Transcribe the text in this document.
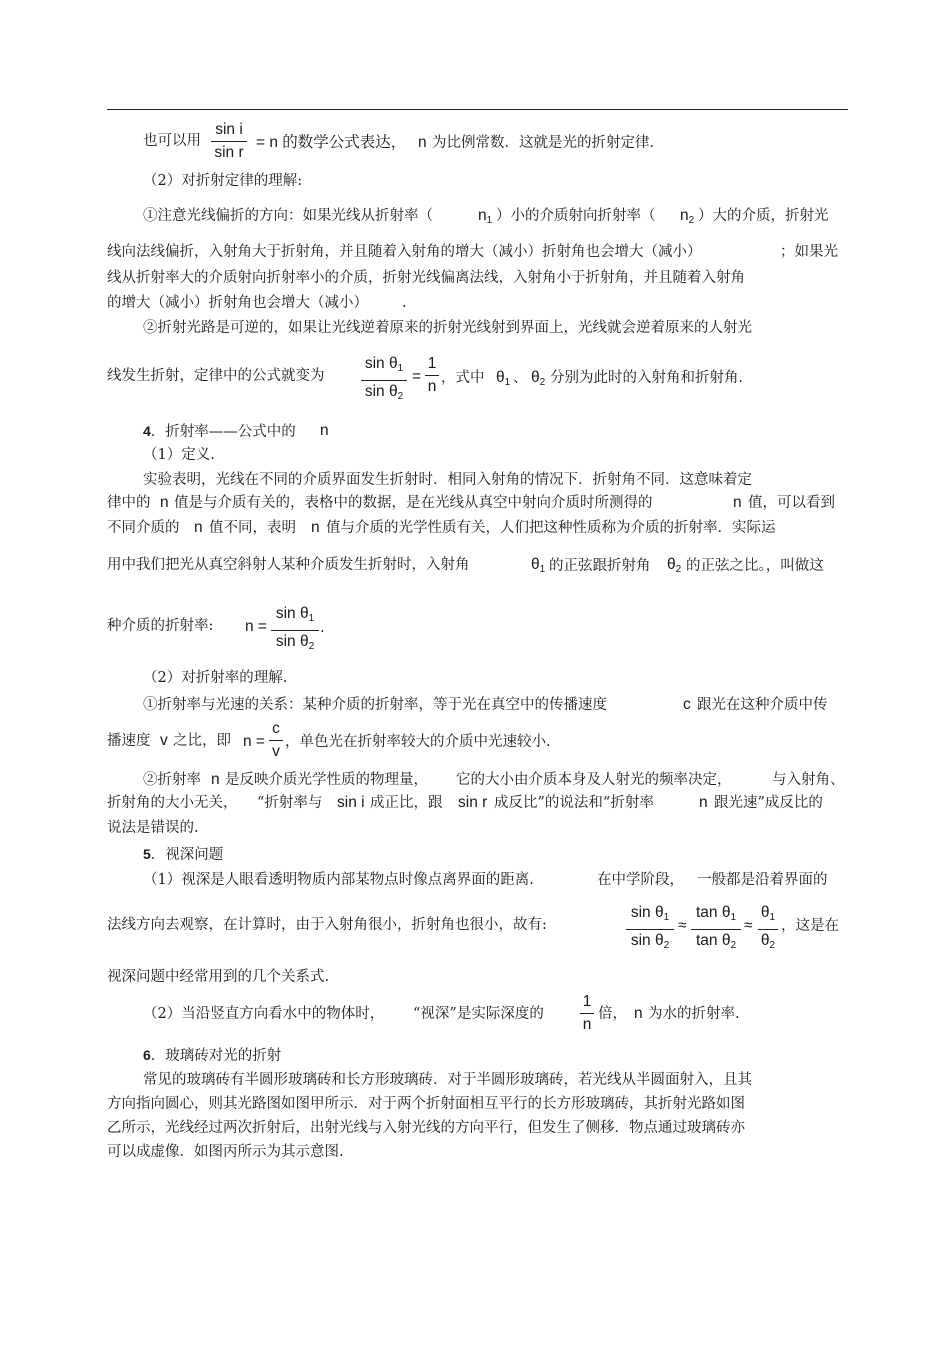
也可以用
sin i
sin r
= n 的数学公式表达， n 为比例常数．这就是光的折射定律．
（2）对折射定律的理解:
①注意光线偏折的方向：如果光线从折射率（	$n_1$ ）小的介质射向折射率（ $n_2$ ）大的介质，折射光
线向法线偏折，入射角大于折射角，并且随着入射角的增大（减小）折射角也会增大（减小）	；如果光
线从折射率大的介质射向折射率小的介质，折射光线偏离法线，入射角小于折射角，并且随着入射角
的增大（减小）折射角也会增大（减小） .
②折射光路是可逆的，如果让光线逆着原来的折射光线射到界面上，光线就会逆着原来的人射光
线发生折射，定律中的公式就变为
$\sin \theta_1$
$\sin \theta_2$
=
1
n ，式中 $\theta_1$ 、 $\theta_2$ 分别为此时的入射角和折射角．
4．折射率——公式中的 n
（1）定义.
实验表明，光线在不同的介质界面发生折射时．相同入射角的情况下．折射角不同．这意味着定
律中的 n 值是与介质有关的，表格中的数据，是在光线从真空中射向介质时所测得的	n 值，可以看到
不同介质的 n 值不同，表明 n 值与介质的光学性质有关，人们把这种性质称为介质的折射率．实际运
用中我们把光从真空斜射人某种介质发生折射时，入射角	$\theta_1$ 的正弦跟折射角 $\theta_2$ 的正弦之比。，叫做这
种介质的折射率: n =
$\sin \theta_1$
$\sin \theta_2$
.
（2）对折射率的理解.
①折射率与光速的关系：某种介质的折射率，等于光在真空中的传播速度	c 跟光在这种介质中传
播速度 v 之比，即 n =
c
v
，单色光在折射率较大的介质中光速较小.
②折射率 n 是反映介质光学性质的物理量， 它的大小由介质本身及人射光的频率决定，	与入射角、
折射角的大小无关， “折射率与 sin i 成正比，跟 sin r 成反比”的说法和“折射率	n 跟光速”成反比的
说法是错误的.
5．视深问题
（1）视深是人眼看透明物质内部某物点时像点离界面的距离.	在中学阶段， 一般都是沿着界面的
法线方向去观察，在计算时，由于入射角很小，折射角也很小，故有:
$\sin \theta_1$
$\sin \theta_2$
≈
$\tan \theta_1$
$\tan \theta_2$
≈
$\theta_1$
$\theta_2$
，这是在
视深问题中经常用到的几个关系式.
（2）当沿竖直方向看水中的物体时， “视深”是实际深度的
1
n
倍， n 为水的折射率.
6．玻璃砖对光的折射
常见的玻璃砖有半圆形玻璃砖和长方形玻璃砖．对于半圆形玻璃砖，若光线从半圆面射入，且其
方向指向圆心，则其光路图如图甲所示．对于两个折射面相互平行的长方形玻璃砖，其折射光路如图
乙所示，光线经过两次折射后，出射光线与入射光线的方向平行，但发生了侧移．物点通过玻璃砖亦
可以成虚像．如图丙所示为其示意图.
